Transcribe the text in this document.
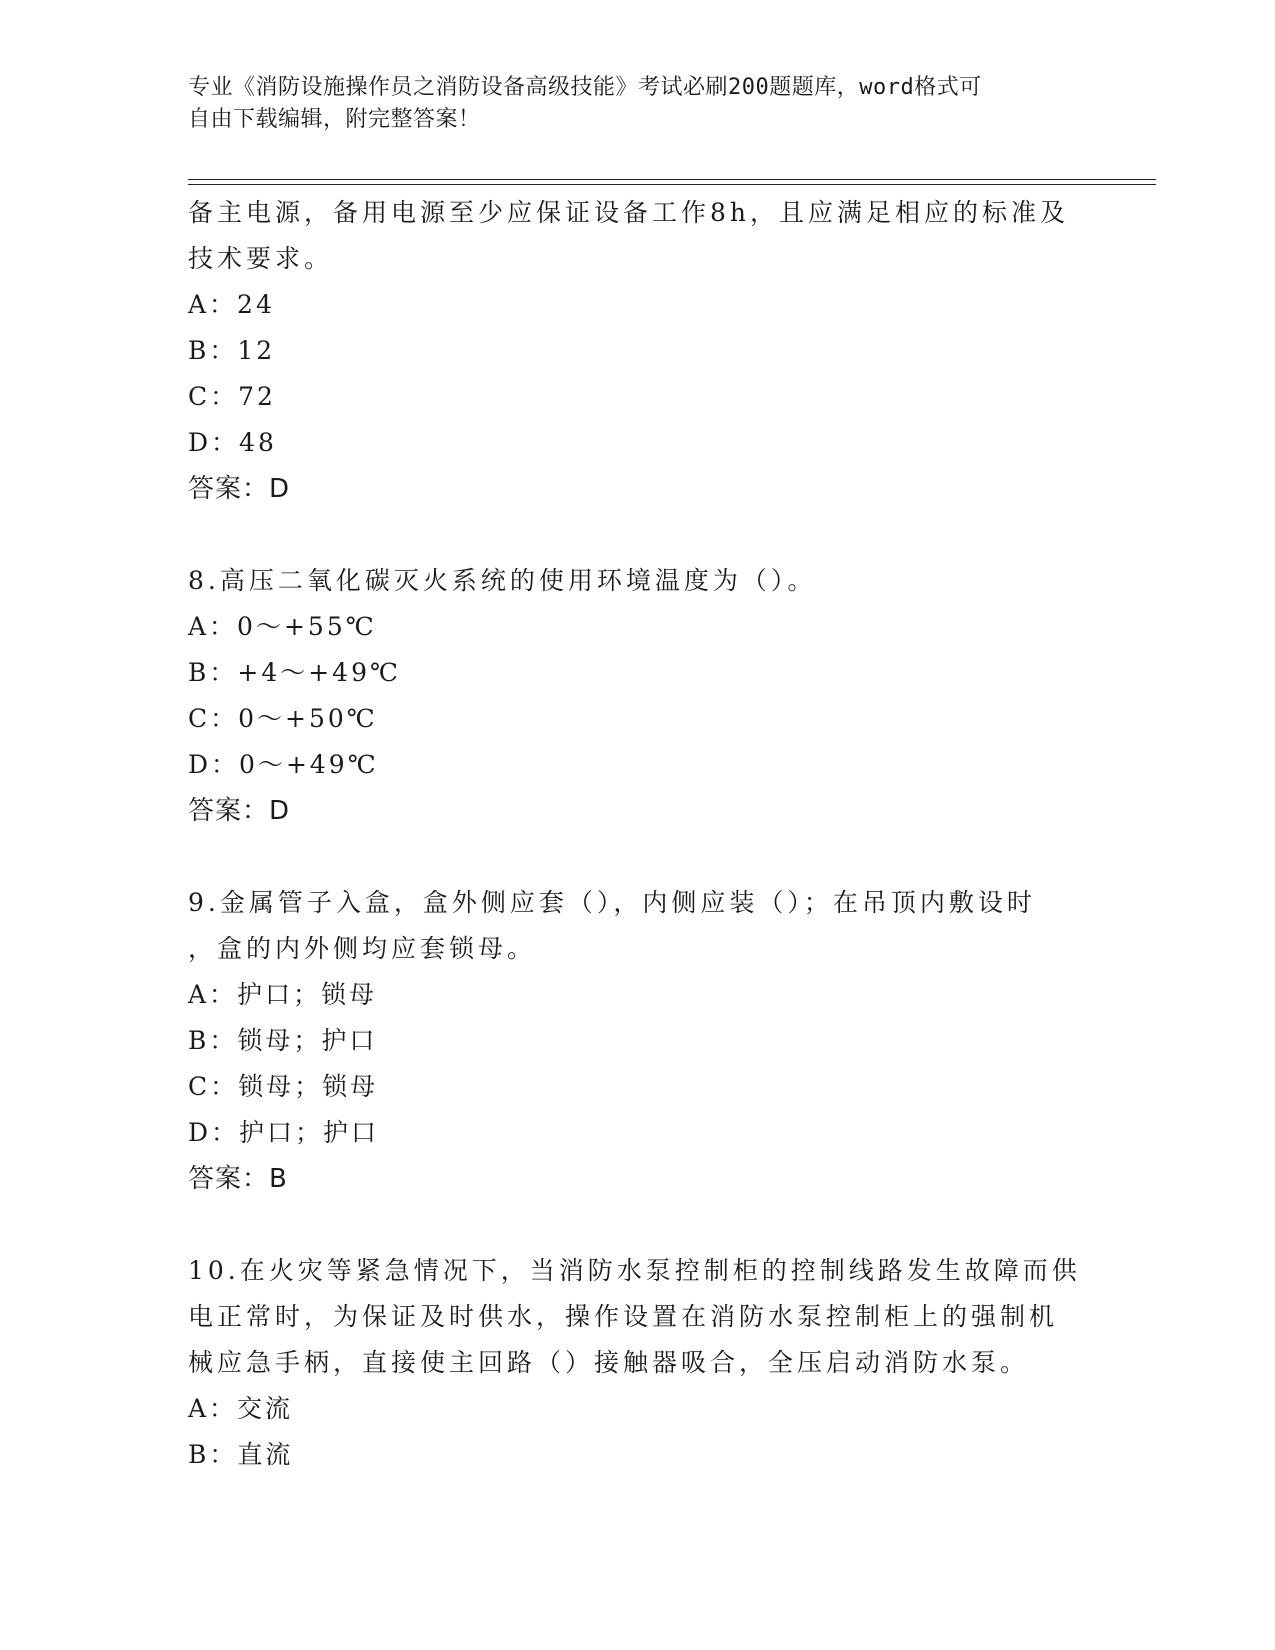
专业《消防设施操作员之消防设备高级技能》考试必刷200题题库，word格式可
自由下载编辑，附完整答案！
备主电源，备用电源至少应保证设备工作8h，且应满足相应的标准及
技术要求。
A：24
B：12
C：72
D：48
答案：D
8.高压二氧化碳灭火系统的使用环境温度为（）。
A：0～+55℃
B：+4～+49℃
C：0～+50℃
D：0～+49℃
答案：D
9.金属管子入盒，盒外侧应套（），内侧应装（）；在吊顶内敷设时
，盒的内外侧均应套锁母。
A：护口；锁母
B：锁母；护口
C：锁母；锁母
D：护口；护口
答案：B
10.在火灾等紧急情况下，当消防水泵控制柜的控制线路发生故障而供
电正常时，为保证及时供水，操作设置在消防水泵控制柜上的强制机
械应急手柄，直接使主回路（）接触器吸合，全压启动消防水泵。
A：交流
B：直流
